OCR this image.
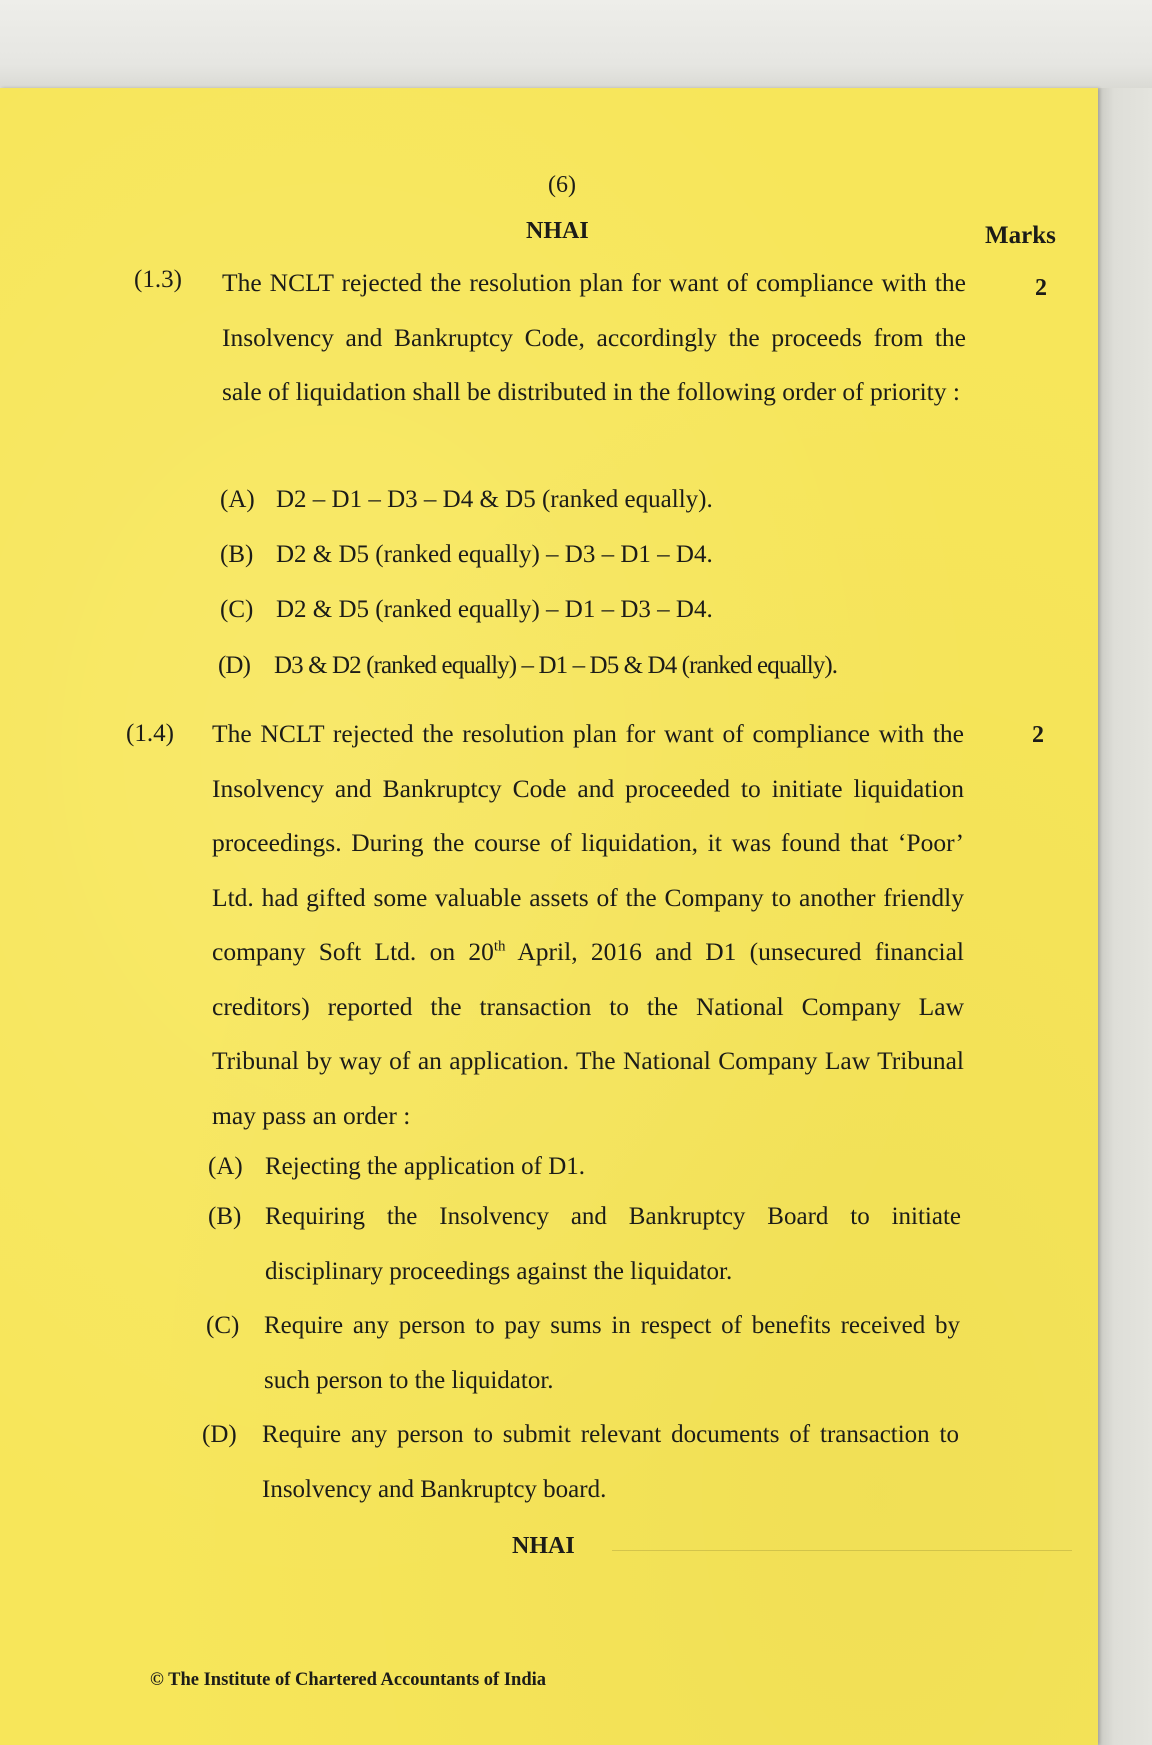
(6)
NHAI	Marks
(1.3)	2
The NCLT rejected the resolution plan for want of compliance with the Insolvency and Bankruptcy Code, accordingly the proceeds from the sale of liquidation shall be distributed in the following order of priority :
(A) D2 – D1 – D3 – D4 & D5 (ranked equally).
(B) D2 & D5 (ranked equally) – D3 – D1 – D4.
(C) D2 & D5 (ranked equally) – D1 – D3 – D4.
(D) D3 & D2 (ranked equally) – D1 – D5 & D4 (ranked equally).
(1.4)	2
The NCLT rejected the resolution plan for want of compliance with the Insolvency and Bankruptcy Code and proceeded to initiate liquidation proceedings. During the course of liquidation, it was found that ‘Poor’ Ltd. had gifted some valuable assets of the Company to another friendly company Soft Ltd. on 20th April, 2016 and D1 (unsecured financial creditors) reported the transaction to the National Company Law Tribunal by way of an application. The National Company Law Tribunal may pass an order :
(A) Rejecting the application of D1.
(B) Requiring the Insolvency and Bankruptcy Board to initiate disciplinary proceedings against the liquidator.
(C) Require any person to pay sums in respect of benefits received by such person to the liquidator.
(D) Require any person to submit relevant documents of transaction to Insolvency and Bankruptcy board.
NHAI
© The Institute of Chartered Accountants of India
